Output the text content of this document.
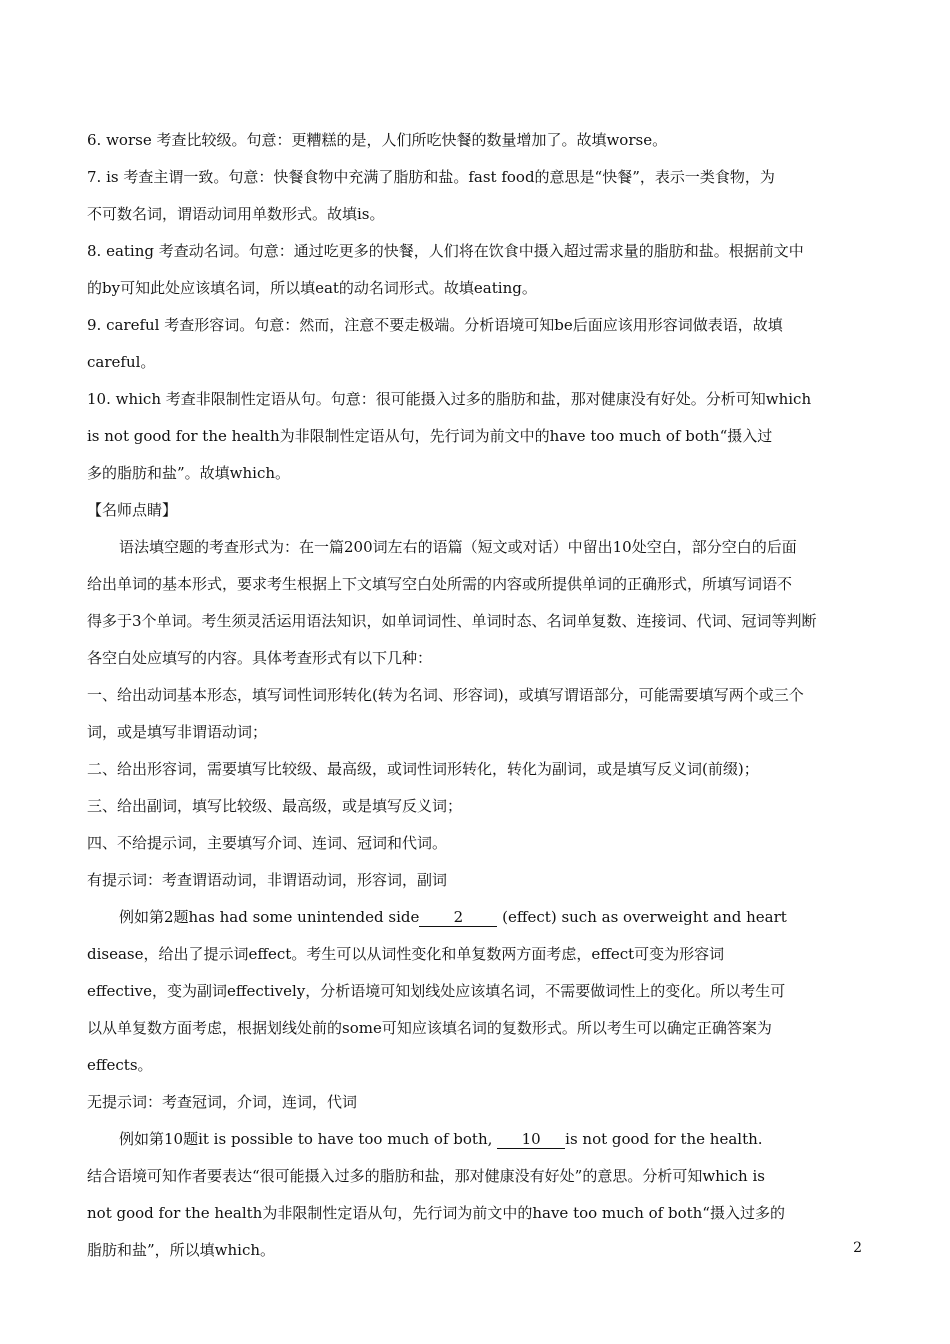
6. worse 考查比较级。句意：更糟糕的是，人们所吃快餐的数量增加了。故填worse。
7. is 考查主谓一致。句意：快餐食物中充满了脂肪和盐。fast food的意思是“快餐”，表示一类食物，为
不可数名词，谓语动词用单数形式。故填is。
8. eating 考查动名词。句意：通过吃更多的快餐，人们将在饮食中摄入超过需求量的脂肪和盐。根据前文中
的by可知此处应该填名词，所以填eat的动名词形式。故填eating。
9. careful 考查形容词。句意：然而，注意不要走极端。分析语境可知be后面应该用形容词做表语，故填
careful。
10. which 考查非限制性定语从句。句意：很可能摄入过多的脂肪和盐，那对健康没有好处。分析可知which
is not good for the health为非限制性定语从句，先行词为前文中的have too much of both“摄入过
多的脂肪和盐”。故填which。
【名师点睛】
语法填空题的考查形式为：在一篇200词左右的语篇（短文或对话）中留出10处空白，部分空白的后面
给出单词的基本形式，要求考生根据上下文填写空白处所需的内容或所提供单词的正确形式，所填写词语不
得多于3个单词。考生须灵活运用语法知识，如单词词性、单词时态、名词单复数、连接词、代词、冠词等判断
各空白处应填写的内容。具体考查形式有以下几种：
一、给出动词基本形态，填写词性词形转化(转为名词、形容词)，或填写谓语部分，可能需要填写两个或三个
词，或是填写非谓语动词；
二、给出形容词，需要填写比较级、最高级，或词性词形转化，转化为副词，或是填写反义词(前缀)；
三、给出副词，填写比较级、最高级，或是填写反义词；
四、不给提示词，主要填写介词、连词、冠词和代词。
有提示词：考查谓语动词，非谓语动词，形容词，副词
例如第2题has had some unintended side 2 (effect) such as overweight and heart
disease，给出了提示词effect。考生可以从词性变化和单复数两方面考虑，effect可变为形容词
effective，变为副词effectively，分析语境可知划线处应该填名词，不需要做词性上的变化。所以考生可
以从单复数方面考虑，根据划线处前的some可知应该填名词的复数形式。所以考生可以确定正确答案为
effects。
无提示词：考查冠词，介词，连词，代词
例如第10题it is possible to have too much of both, 10 is not good for the health.
结合语境可知作者要表达“很可能摄入过多的脂肪和盐，那对健康没有好处”的意思。分析可知which is
not good for the health为非限制性定语从句，先行词为前文中的have too much of both“摄入过多的
脂肪和盐”，所以填which。	2
